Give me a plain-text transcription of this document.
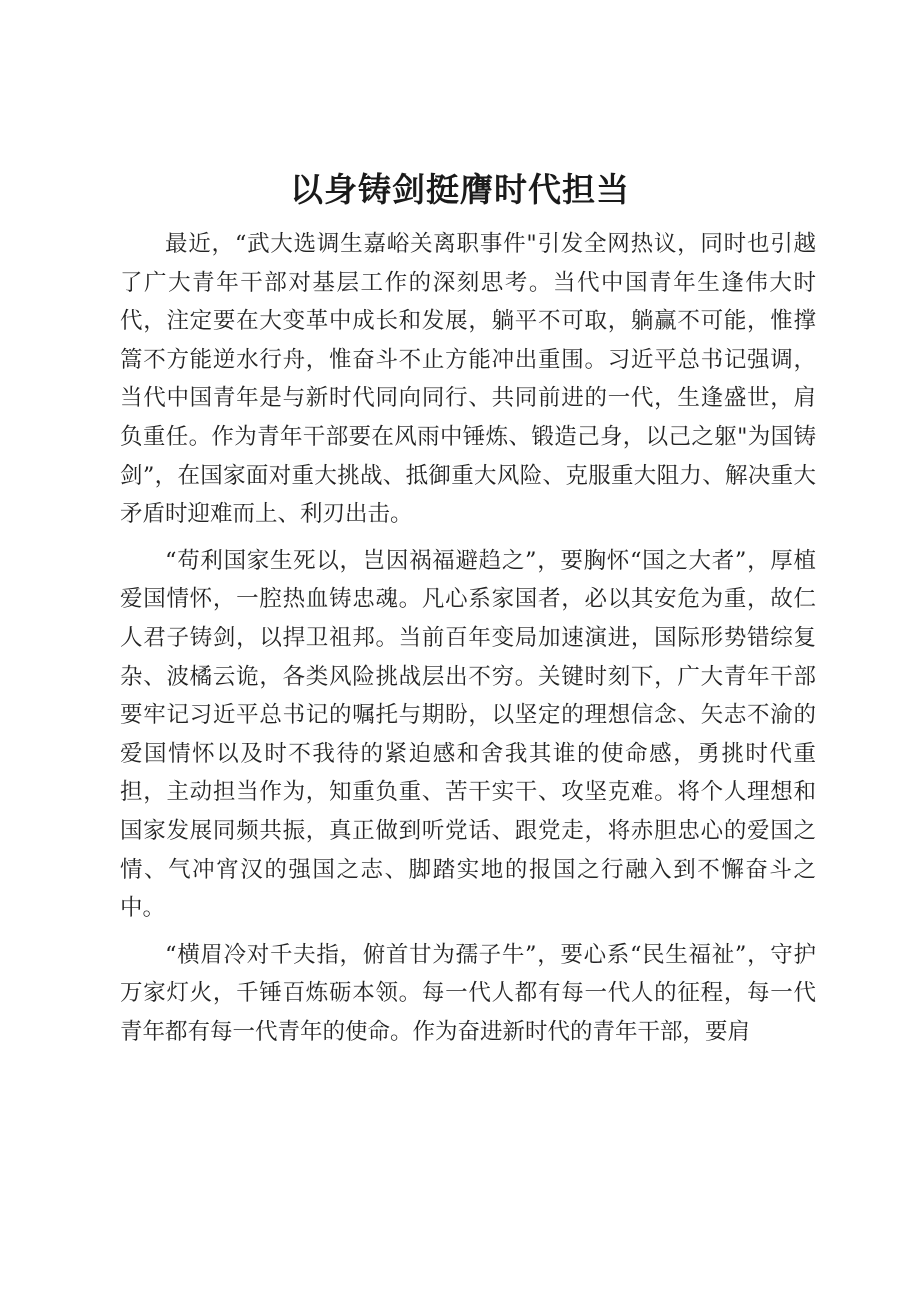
以身铸剑挺膺时代担当

最近，“武大选调生嘉峪关离职事件"引发全网热议，同时也引越了广大青年干部对基层工作的深刻思考。当代中国青年生逢伟大时代，注定要在大变革中成长和发展，躺平不可取，躺赢不可能，惟撑篙不方能逆水行舟，惟奋斗不止方能冲出重围。习近平总书记强调，当代中国青年是与新时代同向同行、共同前进的一代，生逢盛世，肩负重任。作为青年干部要在风雨中锤炼、锻造己身，以己之躯"为国铸剑”，在国家面对重大挑战、抵御重大风险、克服重大阻力、解决重大矛盾时迎难而上、利刃出击。

“苟利国家生死以，岂因祸福避趋之”，要胸怀“国之大者”，厚植爱国情怀，一腔热血铸忠魂。凡心系家国者，必以其安危为重，故仁人君子铸剑，以捍卫祖邦。当前百年变局加速演进，国际形势错综复杂、波橘云诡，各类风险挑战层出不穷。关键时刻下，广大青年干部要牢记习近平总书记的嘱托与期盼，以坚定的理想信念、矢志不渝的爱国情怀以及时不我待的紧迫感和舍我其谁的使命感，勇挑时代重担，主动担当作为，知重负重、苦干实干、攻坚克难。将个人理想和国家发展同频共振，真正做到听党话、跟党走，将赤胆忠心的爱国之情、气冲宵汉的强国之志、脚踏实地的报国之行融入到不懈奋斗之中。

“横眉冷对千夫指，俯首甘为孺子牛”，要心系“民生福祉”，守护万家灯火，千锤百炼砺本领。每一代人都有每一代人的征程，每一代青年都有每一代青年的使命。作为奋进新时代的青年干部，要肩
